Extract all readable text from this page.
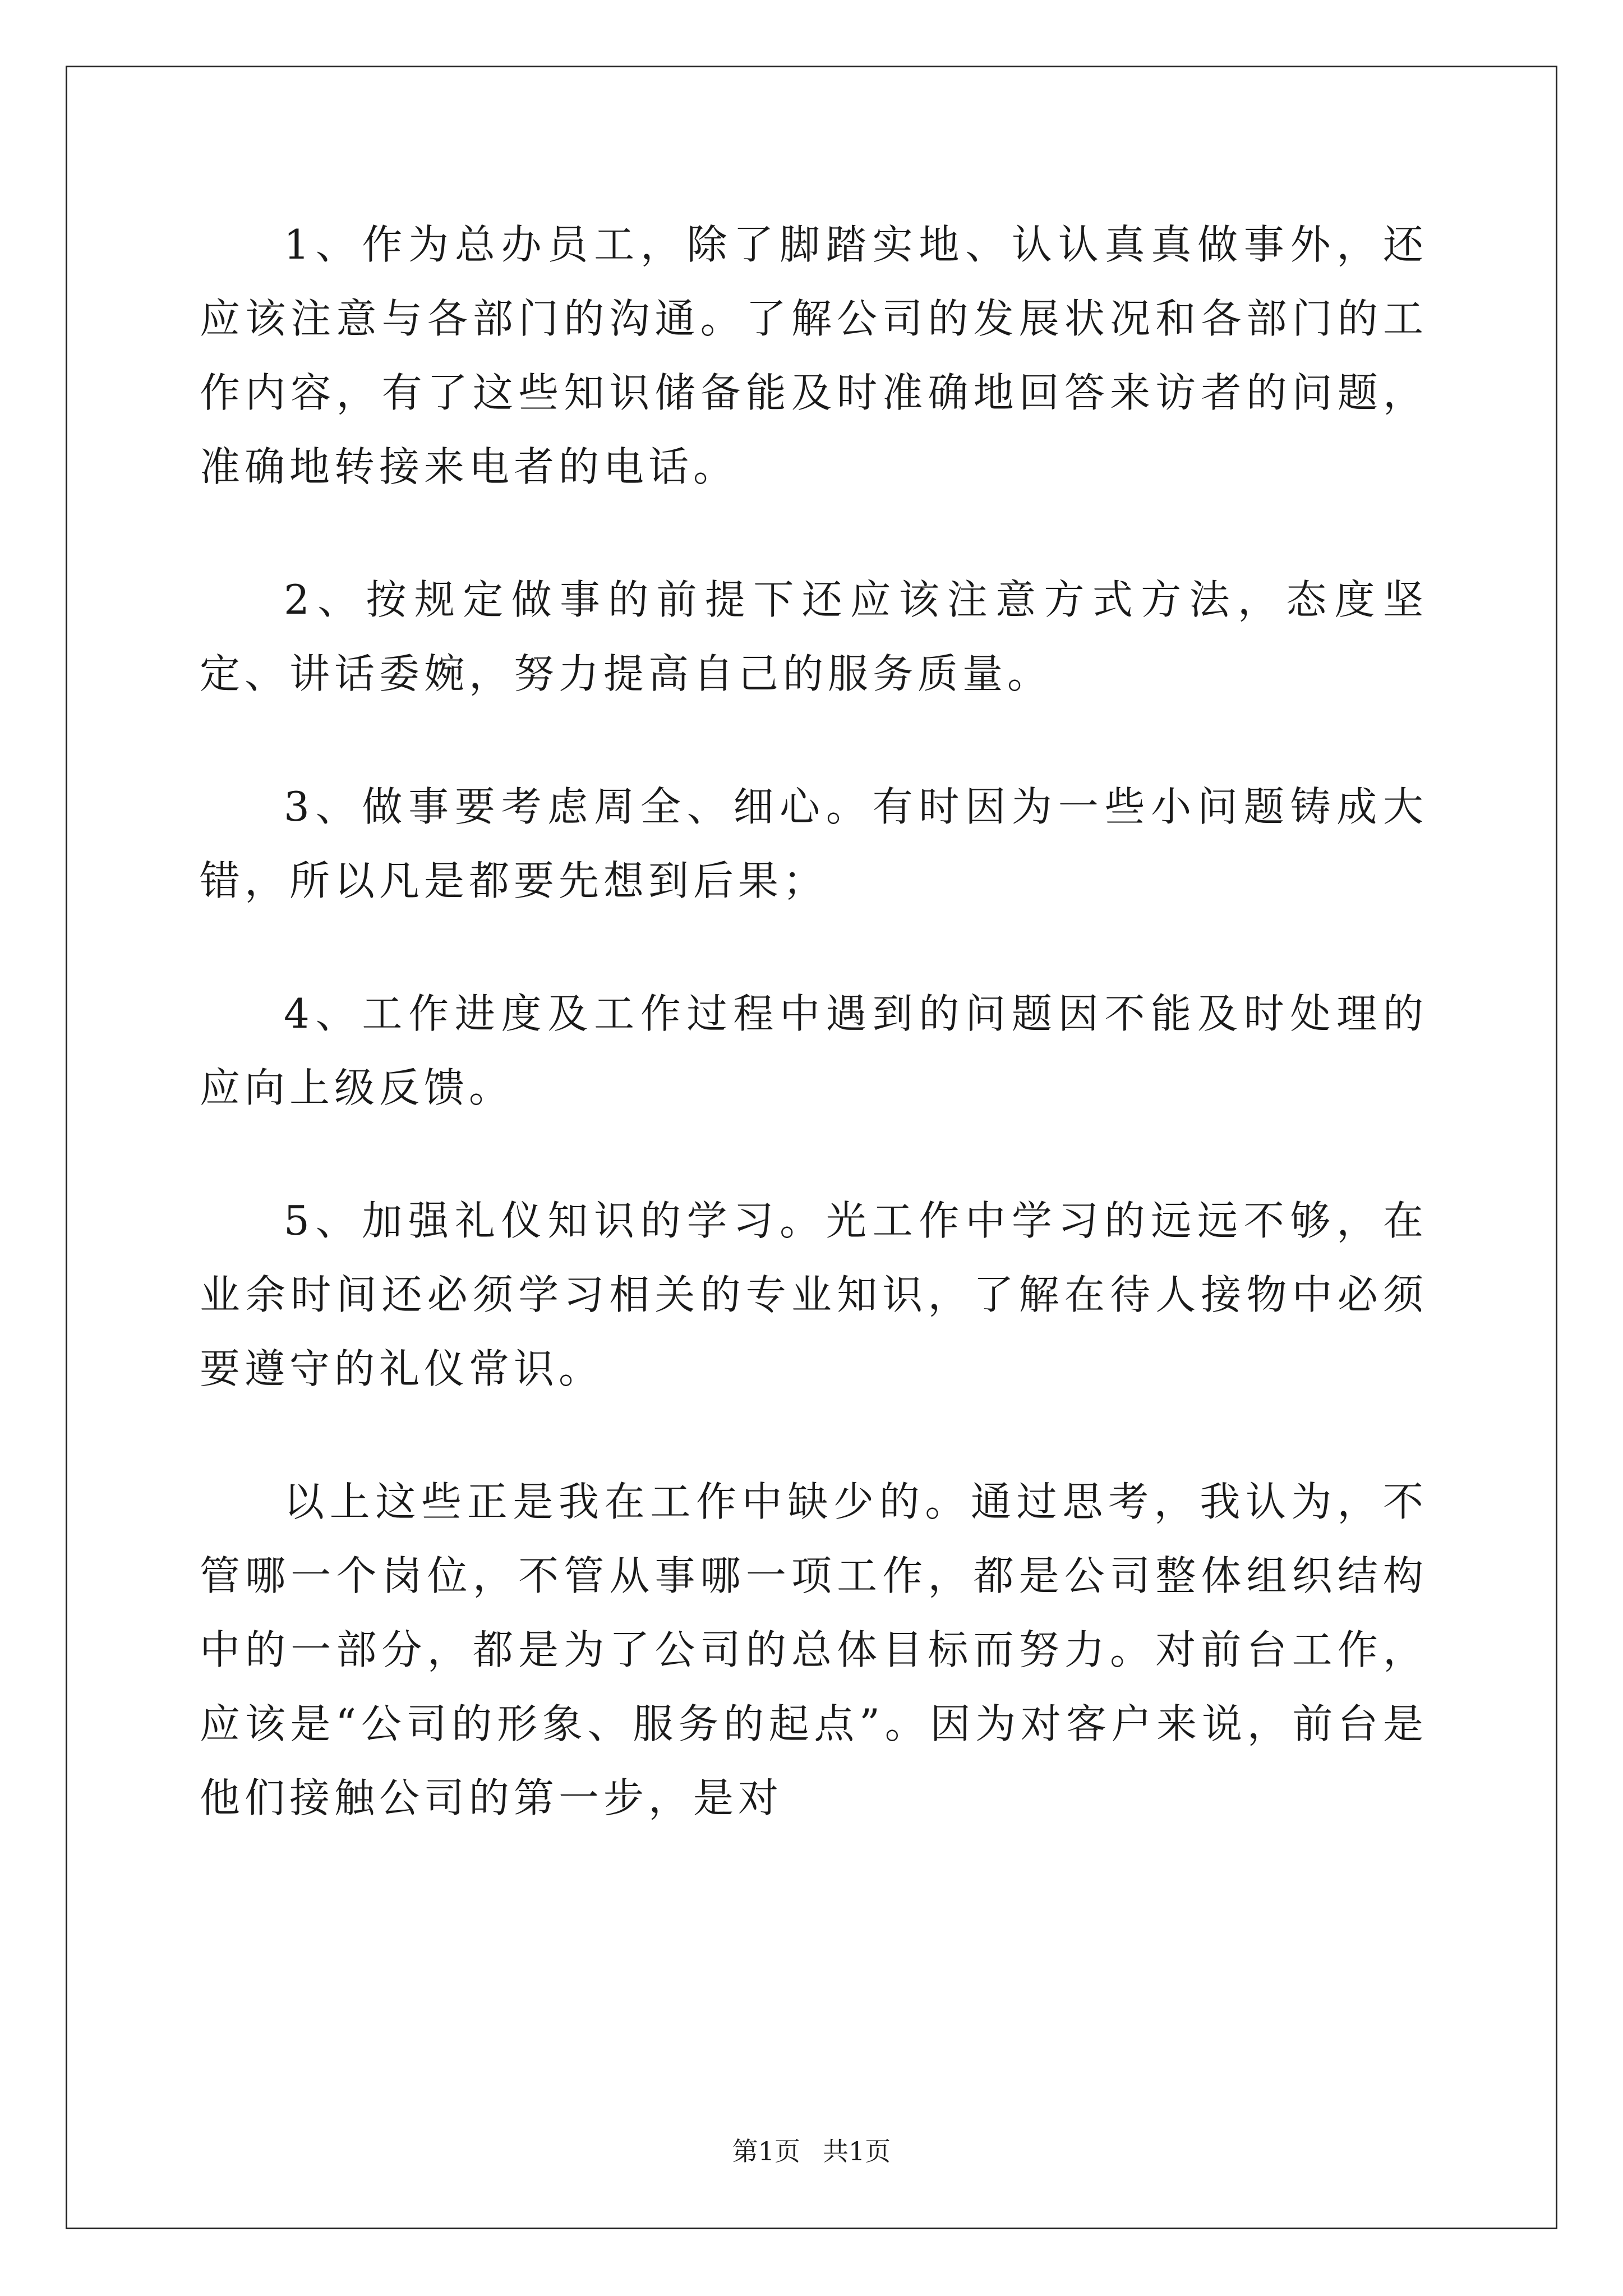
1、作为总办员工，除了脚踏实地、认认真真做事外，还应该注意与各部门的沟通。了解公司的发展状况和各部门的工作内容，有了这些知识储备能及时准确地回答来访者的问题，准确地转接来电者的电话。

2、按规定做事的前提下还应该注意方式方法，态度坚定、讲话委婉，努力提高自己的服务质量。

3、做事要考虑周全、细心。有时因为一些小问题铸成大错，所以凡是都要先想到后果；

4、工作进度及工作过程中遇到的问题因不能及时处理的应向上级反馈。

5、加强礼仪知识的学习。光工作中学习的远远不够，在业余时间还必须学习相关的专业知识，了解在待人接物中必须要遵守的礼仪常识。

以上这些正是我在工作中缺少的。通过思考，我认为，不管哪一个岗位，不管从事哪一项工作，都是公司整体组织结构中的一部分，都是为了公司的总体目标而努力。对前台工作，应该是“公司的形象、服务的起点”。因为对客户来说，前台是他们接触公司的第一步，是对

第1页 共1页
